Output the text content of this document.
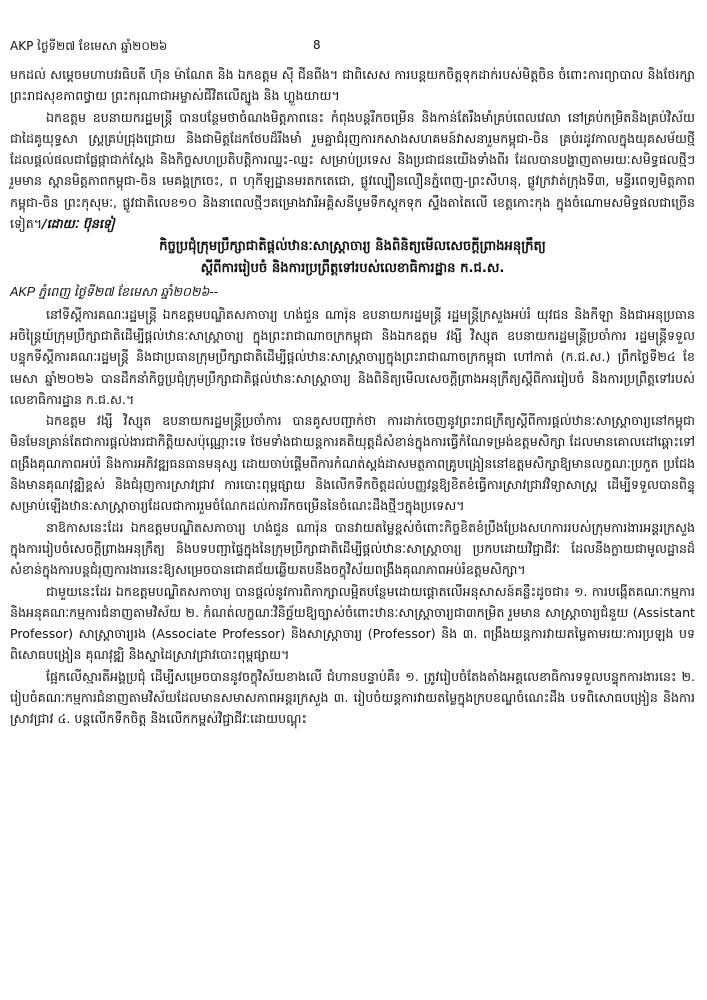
AKP ថ្ងៃទី២៧ ខែមេសា ឆ្នាំ២០២៦	8

មកដល់ សម្ដេចមហាបវរធិបតី ហ៊ុន ម៉ាណែត និង ឯកឧត្តម ស៊ី ជីនពីង។ ជាពិសេស ការបន្តយកចិត្តទុកដាក់របស់មិត្តចិន ចំពោះការព្យាបាល និងថែរក្សាព្រះរាជសុខភាពថ្វាយ ព្រះករុណាជាអម្ចាស់ជីវិតលើត្បូង និង ហ្លួងយាយ។

ឯកឧត្តម ឧបនាយករដ្ឋមន្ត្រី បានបន្ថែមថាចំណងមិត្តភាពនេះ កំពុងបន្តរីកចម្រើន និងកាន់តែរឹងមាំគ្រប់ពេលវេលា នៅគ្រប់កម្រិតនិងគ្រប់វិស័យ ជាដៃគូយុទ្ធសា ស្ត្រគ្រប់ជ្រុងជ្រោយ និងជាមិត្តដែកថែបដ៏រឹងមាំ រួមគ្នាជំរុញការកសាងសហគមន៍វាសនារួមកម្ពុជា-ចិន គ្រប់រដូវកាលក្នុងយុគសម័យថ្មី ដែលផ្ដល់ផលជាផ្លែផ្កាជាក់ស្ដែង និងកិច្ចសហប្រតិបត្តិការឈ្នះ-ឈ្នះ សម្រាប់ប្រទេស និងប្រជាជនយើងទាំងពីរ ដែលបានបង្ហាញតាមរយៈសមិទ្ធផលថ្មីៗ រួមមាន ស្ពានមិត្តភាពកម្ពុជា-ចិន មេគង្គក្រចេះ, ព ហុកីឡដ្ឋានមរតកតេជោ, ផ្លូវល្បឿនលឿនភ្នំពេញ-ព្រះសីហនុ, ផ្លូវក្រវាត់ក្រុងទី៣, មន្ទីរពេទ្យមិត្តភាពកម្ពុជា-ចិន ព្រះកុសុមៈ, ផ្លូវជាតិលេខ១០ និងនាពេលថ្មីៗគម្រោងវារីអគ្គិសនីបូមទឹកស្តុកទុក ស្ទឹងតាតៃលើ ខេត្តកោះកុង ក្នុងចំណោមសមិទ្ធផលជាច្រើនទៀត។/ដោយៈ ប៊ុនទៀ

កិច្ចប្រជុំក្រុមប្រឹក្សាជាតិផ្តល់ឋានៈសាស្ត្រាចារ្យ និងពិនិត្យមើលសេចក្តីព្រាងអនុក្រឹត្យ
ស្តីពីការរៀបចំ និងការប្រព្រឹត្តទៅរបស់លេខាធិការដ្ឋាន ក.ជ.ស.

AKP ភ្នំពេញ ថ្ងៃទី២៧ ខែមេសា ឆ្នាំ២០២៦--

នៅទីស្តីការគណៈរដ្ឋមន្ត្រី ឯកឧត្តមបណ្ឌិតសភាចារ្យ ហង់ជួន ណារ៉ុន ឧបនាយករដ្ឋមន្ត្រី រដ្ឋមន្ត្រីក្រសួងអប់រំ យុវជន និងកីឡា និងជាអនុប្រធានអចិន្ត្រៃយ៍ក្រុមប្រឹក្សាជាតិដើម្បីផ្តល់ឋានៈសាស្ត្រាចារ្យ ក្នុងព្រះរាជាណាចក្រកម្ពុជា និងឯកឧត្តម វង្សី វិស្សុត ឧបនាយករដ្ឋមន្ត្រីប្រចាំការ រដ្ឋមន្ត្រីទទួលបន្ទុកទីស្តីការគណៈរដ្ឋមន្ត្រី និងជាប្រធានក្រុមប្រឹក្សាជាតិដើម្បីផ្តល់ឋានៈសាស្ត្រាចារ្យក្នុងព្រះរាជាណាចក្រកម្ពុជា ហៅកាត់ (ក.ជ.ស.) ព្រឹកថ្ងៃទី២៤ ខែមេសា ឆ្នាំ២០២៦ បានដឹកនាំកិច្ចប្រជុំក្រុមប្រឹក្សាជាតិផ្តល់ឋានៈសាស្ត្រាចារ្យ និងពិនិត្យមើលសេចក្តីព្រាងអនុក្រឹត្យស្តីពីការរៀបចំ និងការប្រព្រឹត្តទៅរបស់លេខាធិការដ្ឋាន ក.ជ.ស.។

ឯកឧត្តម វង្សី វិស្សុត ឧបនាយករដ្ឋមន្ត្រីប្រចាំការ បានគូសបញ្ជាក់ថា ការដាក់ចេញនូវព្រះរាជក្រឹត្យស្តីពីការផ្តល់ឋានៈសាស្ត្រាចារ្យនៅកម្ពុជា មិនមែនគ្រាន់តែជាការផ្តល់ងារជាកិត្តិយសប៉ុណ្ណោះទេ ថែមទាំងជាយន្តការគតិយុត្តដ៏សំខាន់ក្នុងការធ្វើកំណែទម្រង់ឧត្តមសិក្សា ដែលមានគោលដៅឆ្ពោះទៅពង្រឹងគុណភាពអប់រំ និងការអភិវឌ្ឍធនធានមនុស្ស ដោយចាប់ផ្តើមពីការកំណត់ស្តង់ដាសមត្ថភាពគ្រូបង្រៀននៅឧត្តមសិក្សាឱ្យមានលក្ខណៈប្រកួត ប្រជែង និងមានគុណវុឌ្ឍិខ្ពស់ និងជំរុញការស្រាវជ្រាវ ការបោះពុម្ពផ្សាយ និងលើកទឹកចិត្តដល់បញ្ញវន្តឱ្យខិតខំធ្វើការស្រាវជ្រាវវិទ្យាសាស្ត្រ ដើម្បីទទួលបានពិន្ទុសម្រាប់ឡើងឋានៈសាស្ត្រាចារ្យដែលជាការរួមចំណែកដល់ការរីកចម្រើននៃចំណេះដឹងថ្មីៗក្នុងប្រទេស។

នាឱកាសនេះដែរ ឯកឧត្តមបណ្ឌិតសភាចារ្យ ហង់ជួន ណារ៉ុន បានវាយតម្លៃខ្ពស់ចំពោះកិច្ចខិតខំប្រឹងប្រែងសហការរបស់ក្រុមការងារអន្តរក្រសួង ក្នុងការរៀបចំសេចក្តីព្រាងអនុក្រឹត្យ និងបទបញ្ជាផ្ទៃក្នុងនៃក្រុមប្រឹក្សាជាតិដើម្បីផ្តល់ឋានៈសាស្ត្រាចារ្យ ប្រកបដោយវិជ្ជាជីវៈ ដែលនឹងក្លាយជាមូលដ្ឋានដ៏សំខាន់ក្នុងការបន្តជំរុញការងារនេះឱ្យសម្រេចបានជោគជ័យឆ្លើយតបនឹងចក្ខុវិស័យពង្រឹងគុណភាពអប់រំឧត្តមសិក្សា។

ជាមួយនេះដែរ ឯកឧត្តមបណ្ឌិតសភាចារ្យ បានផ្តល់នូវការពិភាក្សាលម្អិតបន្ថែមដោយផ្តោតលើអនុសាសន៍គន្លឹះដូចជា៖ ១. ការបង្កើតគណៈកម្មការ និងអនុគណៈកម្មការជំនាញតាមវិស័យ ២. កំណត់លក្ខណៈវិនិច្ឆ័យឱ្យច្បាស់ចំពោះឋានៈសាស្ត្រាចារ្យជា៣កម្រិត រួមមាន សាស្ត្រាចារ្យជំនួយ (Assistant Professor) សាស្ត្រាចារ្យរង (Associate Professor) និងសាស្ត្រាចារ្យ (Professor) និង ៣. ពង្រឹងយន្តការវាយតម្លៃតាមរយៈការប្រឡង បទពិសោធបង្រៀន គុណវុឌ្ឍិ និងស្នាដៃស្រាវជ្រាវបោះពុម្ពផ្សាយ។

ផ្អែកលើស្មារតីអង្គប្រជុំ ដើម្បីសម្រេចបាននូវចក្ខុវិស័យខាងលើ ជំហានបន្ទាប់គឺ៖ ១. ត្រូវរៀបចំតែងតាំងអគ្គលេខាធិការទទួលបន្ទុកការងារនេះ ២. រៀបចំគណៈកម្មការជំនាញតាមវិស័យដែលមានសមាសភាពអន្តរក្រសួង ៣. រៀបចំយន្តការវាយតម្លៃក្នុងក្របខណ្ឌចំណេះដឹង បទពិសោធបង្រៀន និងការស្រាវជ្រាវ ៤. បន្តលើកទឹកចិត្ត និងលើកកម្ពស់វិជ្ជាជីវៈដោយបណ្តុះ
